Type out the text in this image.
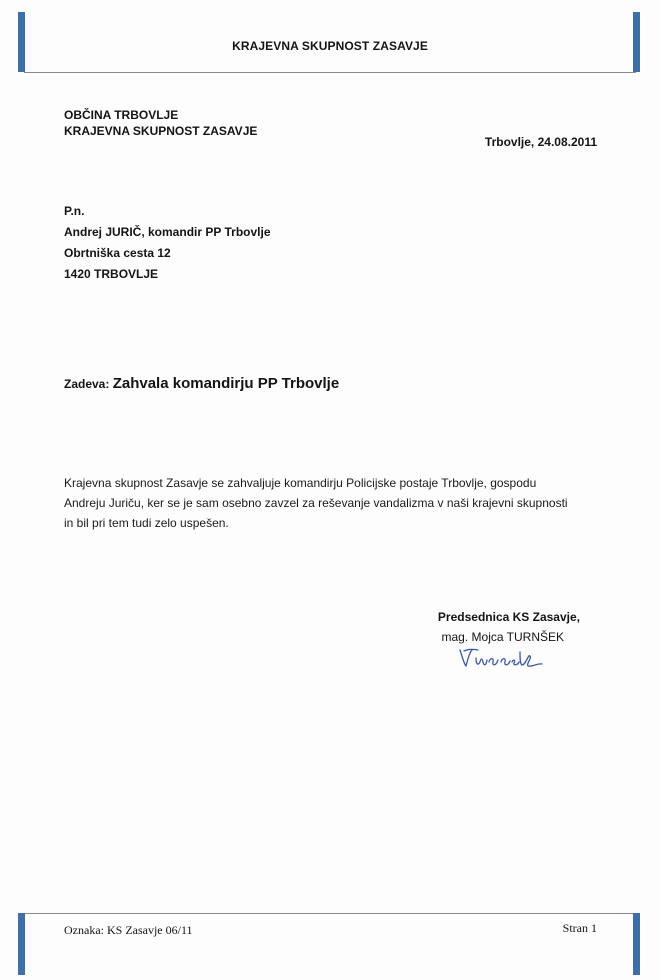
KRAJEVNA SKUPNOST ZASAVJE
OBČINA TRBOVLJE
KRAJEVNA SKUPNOST ZASAVJE
Trbovlje, 24.08.2011
P.n.
Andrej JURIČ, komandir PP Trbovlje
Obrtniška cesta 12
1420 TRBOVLJE
Zadeva: Zahvala komandirju PP Trbovlje
Krajevna skupnost Zasavje se zahvaljuje komandirju Policijske postaje Trbovlje, gospodu
Andreju Juriču, ker se je sam osebno zavzel za reševanje vandalizma v naši krajevni skupnosti
in bil pri tem tudi zelo uspešen.
Predsednica KS Zasavje,
mag. Mojca TURNŠEK
Oznaka: KS Zasavje 06/11	Stran 1
